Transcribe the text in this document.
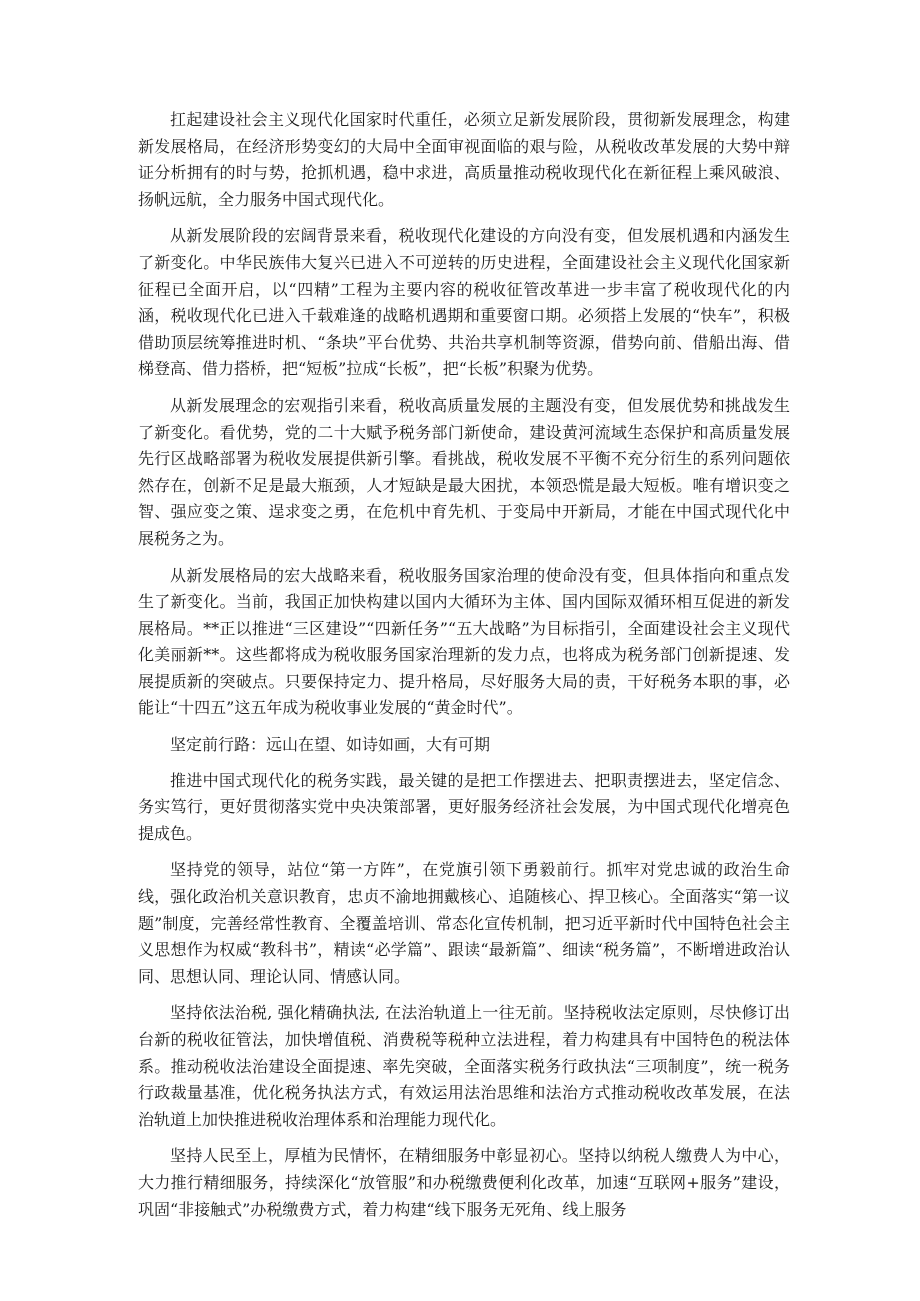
扛起建设社会主义现代化国家时代重任，必须立足新发展阶段，贯彻新发展理念，构建新发展格局，在经济形势变幻的大局中全面审视面临的艰与险，从税收改革发展的大势中辩证分析拥有的时与势，抢抓机遇，稳中求进，高质量推动税收现代化在新征程上乘风破浪、扬帆远航，全力服务中国式现代化。

从新发展阶段的宏阔背景来看，税收现代化建设的方向没有变，但发展机遇和内涵发生了新变化。中华民族伟大复兴已进入不可逆转的历史进程，全面建设社会主义现代化国家新征程已全面开启，以“四精”工程为主要内容的税收征管改革进一步丰富了税收现代化的内涵，税收现代化已进入千载难逢的战略机遇期和重要窗口期。必须搭上发展的“快车”，积极借助顶层统筹推进时机、“条块”平台优势、共治共享机制等资源，借势向前、借船出海、借梯登高、借力搭桥，把“短板”拉成“长板”，把“长板”积聚为优势。

从新发展理念的宏观指引来看，税收高质量发展的主题没有变，但发展优势和挑战发生了新变化。看优势，党的二十大赋予税务部门新使命，建设黄河流域生态保护和高质量发展先行区战略部署为税收发展提供新引擎。看挑战，税收发展不平衡不充分衍生的系列问题依然存在，创新不足是最大瓶颈，人才短缺是最大困扰，本领恐慌是最大短板。唯有增识变之智、强应变之策、逞求变之勇，在危机中育先机、于变局中开新局，才能在中国式现代化中展税务之为。

从新发展格局的宏大战略来看，税收服务国家治理的使命没有变，但具体指向和重点发生了新变化。当前，我国正加快构建以国内大循环为主体、国内国际双循环相互促进的新发展格局。**正以推进“三区建设”“四新任务”“五大战略”为目标指引，全面建设社会主义现代化美丽新**。这些都将成为税收服务国家治理新的发力点，也将成为税务部门创新提速、发展提质新的突破点。只要保持定力、提升格局，尽好服务大局的责，干好税务本职的事，必能让“十四五”这五年成为税收事业发展的“黄金时代”。

坚定前行路：远山在望、如诗如画，大有可期

推进中国式现代化的税务实践，最关键的是把工作摆进去、把职责摆进去，坚定信念、务实笃行，更好贯彻落实党中央决策部署，更好服务经济社会发展，为中国式现代化增亮色提成色。

坚持党的领导，站位“第一方阵”，在党旗引领下勇毅前行。抓牢对党忠诚的政治生命线，强化政治机关意识教育，忠贞不渝地拥戴核心、追随核心、捍卫核心。全面落实“第一议题”制度，完善经常性教育、全覆盖培训、常态化宣传机制，把习近平新时代中国特色社会主义思想作为权威“教科书”，精读“必学篇”、跟读“最新篇”、细读“税务篇”，不断增进政治认同、思想认同、理论认同、情感认同。

坚持依法治税, 强化精确执法, 在法治轨道上一往无前。坚持税收法定原则，尽快修订出台新的税收征管法，加快增值税、消费税等税种立法进程，着力构建具有中国特色的税法体系。推动税收法治建设全面提速、率先突破，全面落实税务行政执法“三项制度”，统一税务行政裁量基准，优化税务执法方式，有效运用法治思维和法治方式推动税收改革发展，在法治轨道上加快推进税收治理体系和治理能力现代化。

坚持人民至上，厚植为民情怀，在精细服务中彰显初心。坚持以纳税人缴费人为中心，大力推行精细服务，持续深化“放管服”和办税缴费便利化改革，加速“互联网+服务”建设，巩固“非接触式”办税缴费方式，着力构建“线下服务无死角、线上服务
